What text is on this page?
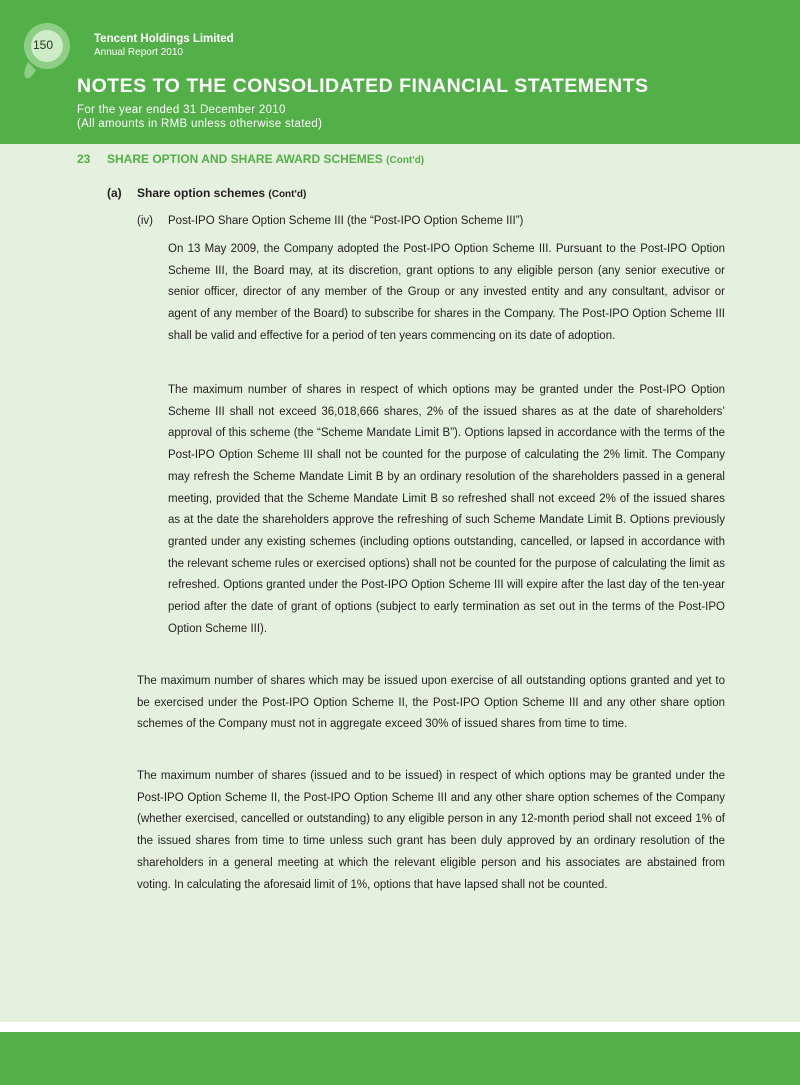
150	Tencent Holdings Limited
Annual Report 2010
NOTES TO THE CONSOLIDATED FINANCIAL STATEMENTS
For the year ended 31 December 2010
(All amounts in RMB unless otherwise stated)
23 SHARE OPTION AND SHARE AWARD SCHEMES (Cont'd)
(a) Share option schemes (Cont'd)
(iv) Post-IPO Share Option Scheme III (the “Post-IPO Option Scheme III”)

On 13 May 2009, the Company adopted the Post-IPO Option Scheme III. Pursuant to the Post-IPO Option Scheme III, the Board may, at its discretion, grant options to any eligible person (any senior executive or senior officer, director of any member of the Group or any invested entity and any consultant, advisor or agent of any member of the Board) to subscribe for shares in the Company. The Post-IPO Option Scheme III shall be valid and effective for a period of ten years commencing on its date of adoption.

The maximum number of shares in respect of which options may be granted under the Post-IPO Option Scheme III shall not exceed 36,018,666 shares, 2% of the issued shares as at the date of shareholders’ approval of this scheme (the “Scheme Mandate Limit B”). Options lapsed in accordance with the terms of the Post-IPO Option Scheme III shall not be counted for the purpose of calculating the 2% limit. The Company may refresh the Scheme Mandate Limit B by an ordinary resolution of the shareholders passed in a general meeting, provided that the Scheme Mandate Limit B so refreshed shall not exceed 2% of the issued shares as at the date the shareholders approve the refreshing of such Scheme Mandate Limit B. Options previously granted under any existing schemes (including options outstanding, cancelled, or lapsed in accordance with the relevant scheme rules or exercised options) shall not be counted for the purpose of calculating the limit as refreshed. Options granted under the Post-IPO Option Scheme III will expire after the last day of the ten-year period after the date of grant of options (subject to early termination as set out in the terms of the Post-IPO Option Scheme III).

The maximum number of shares which may be issued upon exercise of all outstanding options granted and yet to be exercised under the Post-IPO Option Scheme II, the Post-IPO Option Scheme III and any other share option schemes of the Company must not in aggregate exceed 30% of issued shares from time to time.

The maximum number of shares (issued and to be issued) in respect of which options may be granted under the Post-IPO Option Scheme II, the Post-IPO Option Scheme III and any other share option schemes of the Company (whether exercised, cancelled or outstanding) to any eligible person in any 12-month period shall not exceed 1% of the issued shares from time to time unless such grant has been duly approved by an ordinary resolution of the shareholders in a general meeting at which the relevant eligible person and his associates are abstained from voting. In calculating the aforesaid limit of 1%, options that have lapsed shall not be counted.
